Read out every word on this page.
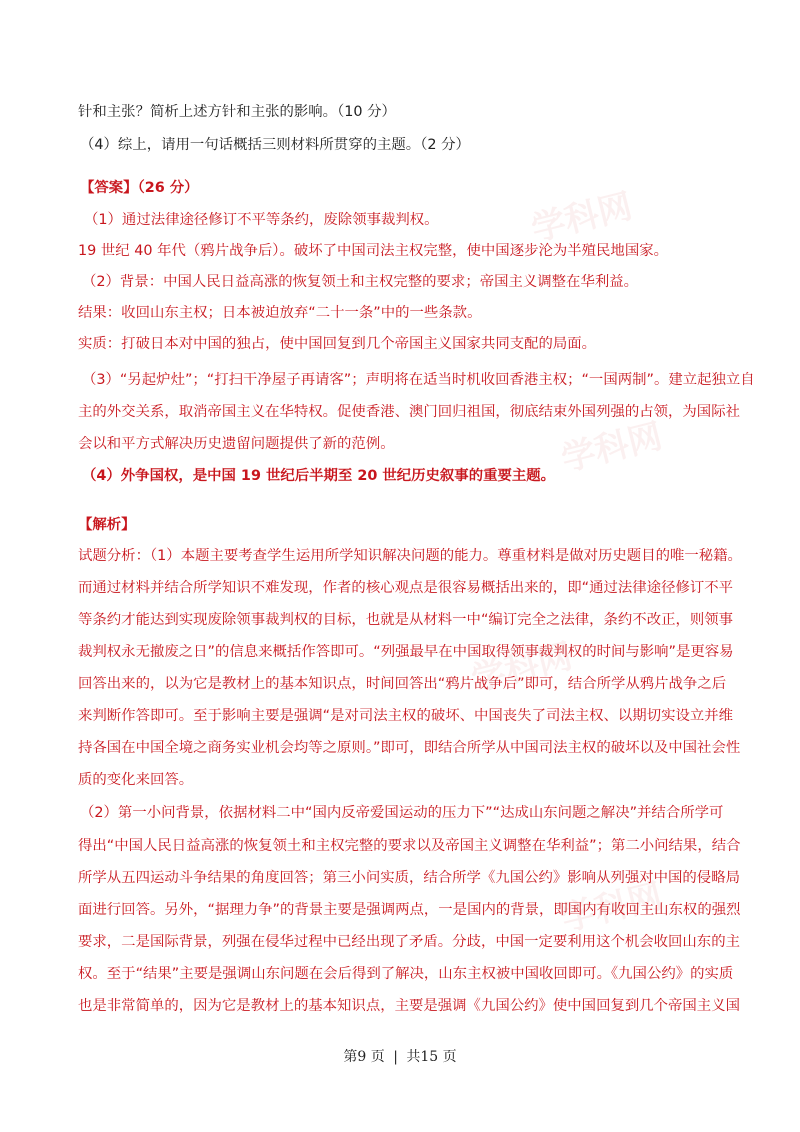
学科网
学科网
学科网
学科网
针和主张？简析上述方针和主张的影响。（10 分）
（4）综上，请用一句话概括三则材料所贯穿的主题。（2 分）
【答案】（26 分）
（1）通过法律途径修订不平等条约，废除领事裁判权。
19 世纪 40 年代（鸦片战争后）。破坏了中国司法主权完整，使中国逐步沦为半殖民地国家。
（2）背景：中国人民日益高涨的恢复领土和主权完整的要求；帝国主义调整在华利益。
结果：收回山东主权；日本被迫放弃“二十一条”中的一些条款。
实质：打破日本对中国的独占，使中国回复到几个帝国主义国家共同支配的局面。
（3）“另起炉灶”；“打扫干净屋子再请客”；声明将在适当时机收回香港主权；“一国两制”。建立起独立自
主的外交关系，取消帝国主义在华特权。促使香港、澳门回归祖国，彻底结束外国列强的占领，为国际社
会以和平方式解决历史遗留问题提供了新的范例。
（4）外争国权，是中国 19 世纪后半期至 20 世纪历史叙事的重要主题。
【解析】
试题分析：（1）本题主要考查学生运用所学知识解决问题的能力。尊重材料是做对历史题目的唯一秘籍。
而通过材料并结合所学知识不难发现，作者的核心观点是很容易概括出来的，即“通过法律途径修订不平
等条约才能达到实现废除领事裁判权的目标，也就是从材料一中“编订完全之法律，条约不改正，则领事
裁判权永无撤废之日”的信息来概括作答即可。“列强最早在中国取得领事裁判权的时间与影响”是更容易
回答出来的，以为它是教材上的基本知识点，时间回答出“鸦片战争后”即可，结合所学从鸦片战争之后
来判断作答即可。至于影响主要是强调“是对司法主权的破坏、中国丧失了司法主权、以期切实设立并维
持各国在中国全境之商务实业机会均等之原则。”即可，即结合所学从中国司法主权的破坏以及中国社会性
质的变化来回答。
（2）第一小问背景，依据材料二中“国内反帝爱国运动的压力下”“达成山东问题之解决”并结合所学可
得出“中国人民日益高涨的恢复领土和主权完整的要求以及帝国主义调整在华利益”；第二小问结果，结合
所学从五四运动斗争结果的角度回答；第三小问实质，结合所学《九国公约》影响从列强对中国的侵略局
面进行回答。另外，“据理力争”的背景主要是强调两点，一是国内的背景，即国内有收回主山东权的强烈
要求，二是国际背景，列强在侵华过程中已经出现了矛盾。分歧，中国一定要利用这个机会收回山东的主
权。至于“结果”主要是强调山东问题在会后得到了解决，山东主权被中国收回即可。《九国公约》的实质
也是非常简单的，因为它是教材上的基本知识点，主要是强调《九国公约》使中国回复到几个帝国主义国
第9 页 | 共15 页
